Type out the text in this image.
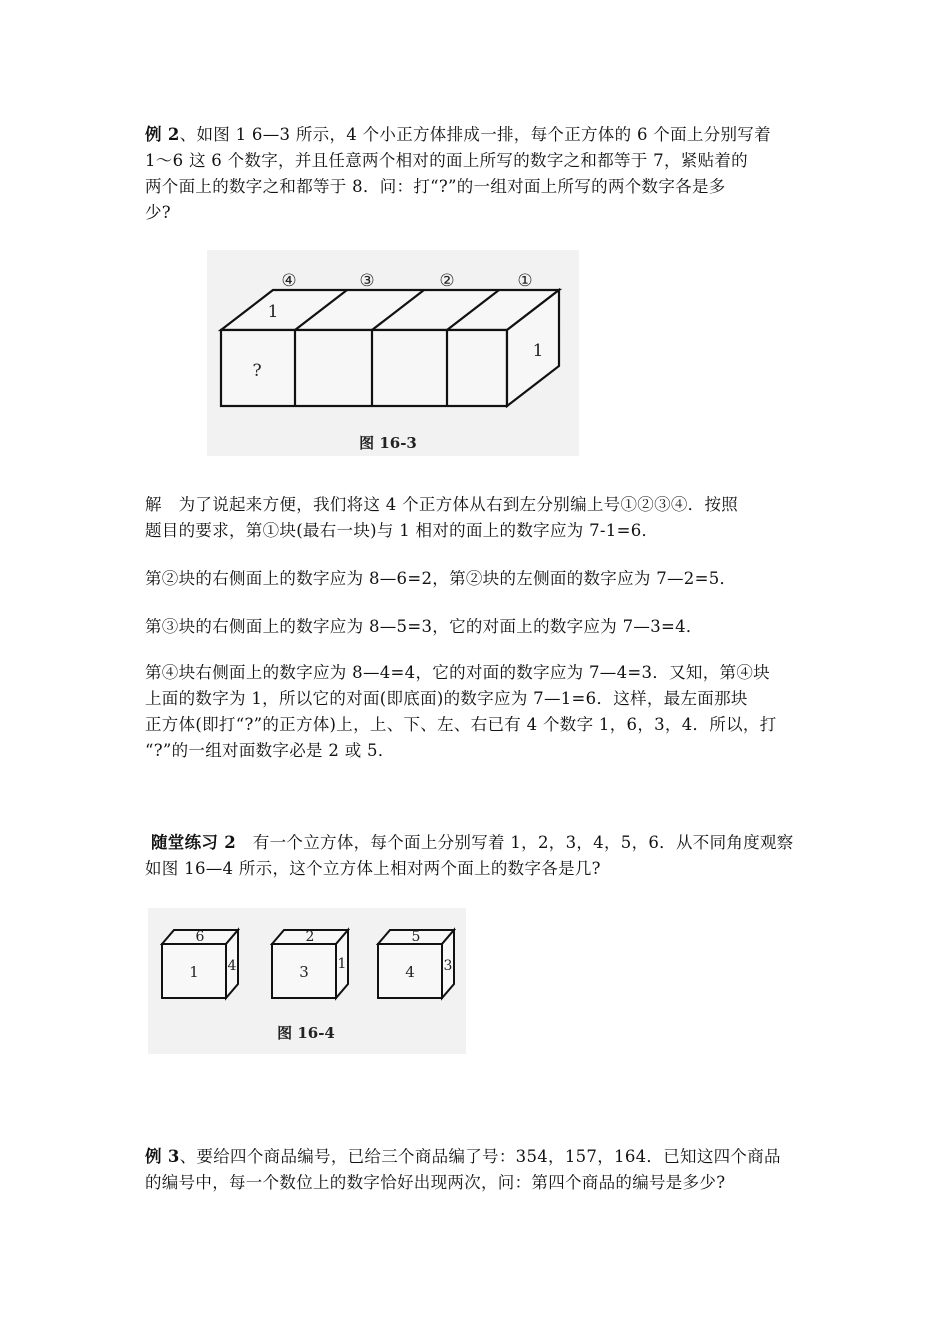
例 2、如图 1 6—3 所示，4 个小正方体排成一排，每个正方体的 6 个面上分别写着
1～6 这 6 个数字，并且任意两个相对的面上所写的数字之和都等于 7，紧贴着的
两个面上的数字之和都等于 8．问：打“?”的一组对面上所写的两个数字各是多
少?
④	③	②	①
1
?
1
图 16-3
解　为了说起来方便，我们将这 4 个正方体从右到左分别编上号①②③④．按照
题目的要求，第①块(最右一块)与 1 相对的面上的数字应为 7-1=6．
第②块的右侧面上的数字应为 8—6=2，第②块的左侧面的数字应为 7—2=5．
第③块的右侧面上的数字应为 8—5=3，它的对面上的数字应为 7—3=4．
第④块右侧面上的数字应为 8—4=4，它的对面的数字应为 7—4=3．又知，第④块
上面的数字为 1，所以它的对面(即底面)的数字应为 7—1=6．这样，最左面那块
正方体(即打“?”的正方体)上，上、下、左、右已有 4 个数字 1，6，3，4．所以，打
“?”的一组对面数字必是 2 或 5．
随堂练习 2　有一个立方体，每个面上分别写着 1，2，3，4，5，6．从不同角度观察
如图 16—4 所示，这个立方体上相对两个面上的数字各是几?
6
1 4
2
3 1
5
4 3
图 16-4
例 3、要给四个商品编号，已给三个商品编了号：354，157，164．已知这四个商品
的编号中，每一个数位上的数字恰好出现两次，问：第四个商品的编号是多少?
